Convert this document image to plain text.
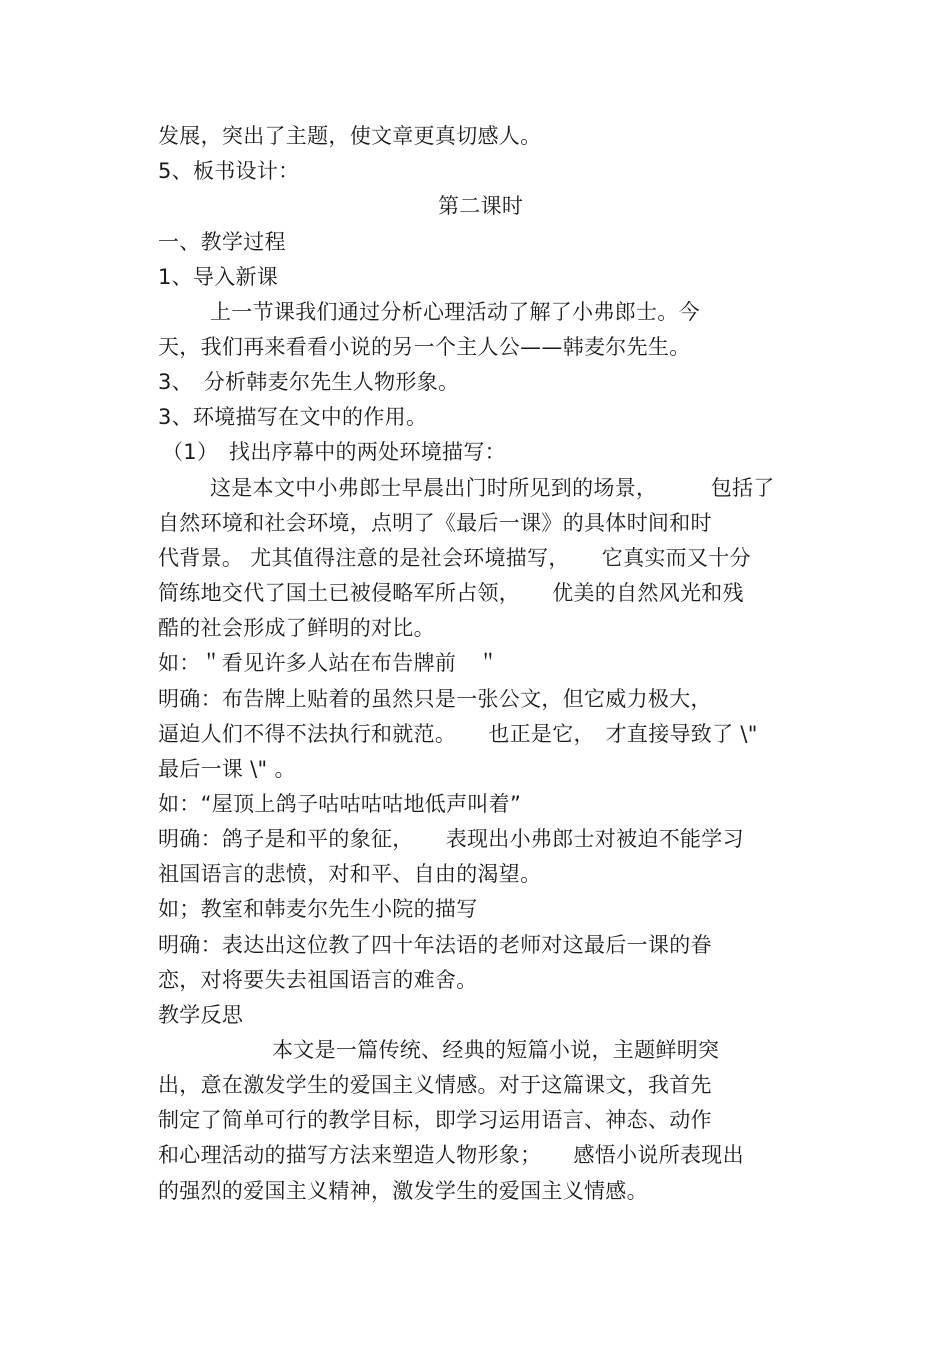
发展，突出了主题，使文章更真切感人。
5、板书设计：
第二课时
一、教学过程
1、导入新课
上一节课我们通过分析心理活动了解了小弗郎士。今
天，我们再来看看小说的另一个主人公——韩麦尔先生。
3、　分析韩麦尔先生人物形象。
3、环境描写在文中的作用。
（1）　找出序幕中的两处环境描写：
这是本文中小弗郎士早晨出门时所见到的场景，　　　包括了
自然环境和社会环境，点明了《最后一课》的具体时间和时
代背景。 尤其值得注意的是社会环境描写，　　它真实而又十分
简练地交代了国土已被侵略军所占领，　　优美的自然风光和残
酷的社会形成了鲜明的对比。
如：＂看见许多人站在布告牌前　＂
明确：布告牌上贴着的虽然只是一张公文，但它威力极大，
逼迫人们不得不法执行和就范。　　也正是它，　才直接导致了 \"
最后一课 \" 。
如：“屋顶上鸽子咕咕咕咕地低声叫着”
明确：鸽子是和平的象征，　　表现出小弗郎士对被迫不能学习
祖国语言的悲愤，对和平、自由的渴望。
如；教室和韩麦尔先生小院的描写
明确：表达出这位教了四十年法语的老师对这最后一课的眷
恋，对将要失去祖国语言的难舍。
教学反思
本文是一篇传统、经典的短篇小说，主题鲜明突
出，意在激发学生的爱国主义情感。对于这篇课文，我首先
制定了简单可行的教学目标，即学习运用语言、神态、动作
和心理活动的描写方法来塑造人物形象；　　感悟小说所表现出
的强烈的爱国主义精神，激发学生的爱国主义情感。
